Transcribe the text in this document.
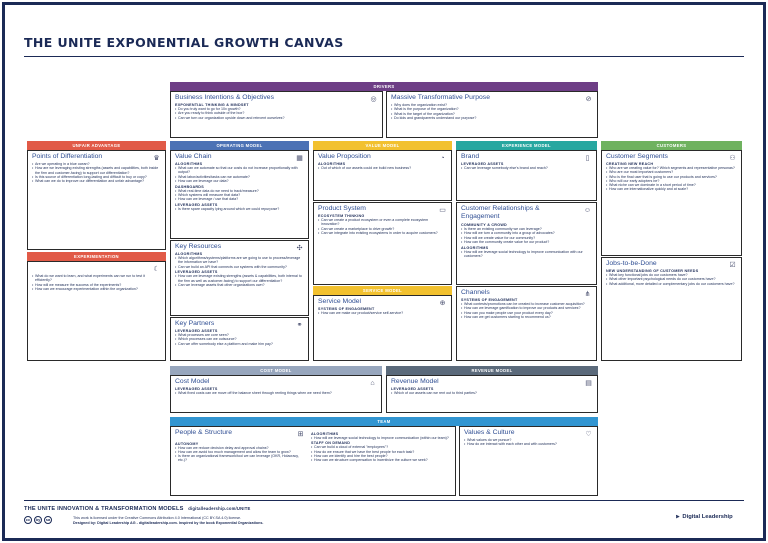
THE UNITE EXPONENTIAL GROWTH CANVAS
DRIVERS
UNFAIR ADVANTAGE	OPERATING MODEL	VALUE MODEL	EXPERIENCE MODEL	CUSTOMERS
EXPERIMENTATION
SERVICE MODEL
COST MODEL	REVENUE MODEL
TEAM
Business Intentions & Objectives	◎
EXPONENTIAL THINKING & MINDSET
• Do you truly want to go for 10x growth?
• Are you ready to think outside of the box?
• Can we turn our organization upside down and reinvent ourselves?
Massive Transformative Purpose	⊘
• Why does the organization exist?
• What is the purpose of the organization?
• What is the target of the organization?
• Do kids and grandparents understand our purpose?
Points of Differentiation	♛
• Are we operating in a blue ocean?
• How are we leveraging existing strengths (assets and capabilities, both inside the firm and customer-facing) to support our differentiation?
• Is this source of differentiation long-lasting and difficult to buy or copy?
• What can we do to improve our differentiation and unfair advantage?
☾
• What do we want to learn, and what experiments can we run to test it efficiently?
• How will we measure the success of the experiments?
• How can we encourage experimentation within the organization?
Value Chain	▦
ALGORITHMS
• What can we automate so that our costs do not increase proportionally with output?
• What labor/activities/tasks can we automate?
• How can we leverage our data?
DASHBOARDS
• What real-time data do we need to track/measure?
• Which systems will measure that data?
• How can we leverage / use that data?
LEVERAGED ASSETS
• Is there spare capacity lying around which we could repurpose?
Key Resources	✣
ALGORITHMS
• Which algorithms/systems/platforms are we going to use to process/leverage the information we have?
• Can we build an API that connects our systems with the community?
LEVERAGED ASSETS
• How can we leverage existing strengths (assets & capabilities, both internal to the firm as well as customer-facing) to support our differentiation?
• Can we leverage assets that other organizations own?
Key Partners	⚭
LEVERAGED ASSETS
• What processes are core seen?
• Which processes can we outsource?
• Can we offer somebody else a platform and make him pay?
Value Proposition	◔
ALGORITHMS
• Out of which of our assets could we build new business?
Product System	▭
ECOSYSTEM THINKING
• Can we create a product ecosystem or even a complete ecosystem innovation?
• Can we create a marketplace to drive growth?
• Can we integrate into existing ecosystems in order to acquire customers?
Service Model	⊕
SYSTEMS OF ENGAGEMENT
• How can we make our product/service self-service?
Brand	▯
LEVERAGED ASSETS
• Can we leverage somebody else's brand and reach?
Customer Relationships & Engagement
☺
COMMUNITY & CROWD
• Is there an existing community we can leverage?
• How will we turn a community into a group of advocates?
• How will we create value for our community?
• How can the community create value for our product?
ALGORITHMS
• How will we leverage social technology to improve communication with our customers?
Channels	⋔
SYSTEMS OF ENGAGEMENT
• What contests/promotions can be created to increase customer acquisition?
• How can we leverage gamification to improve our products and services?
• How can you make people use your product every day?
• How can we get customers starting to recommend us?
Customer Segments	⚇
CREATING NEW REACH
• Who are we creating value for? Which segments and representative personas?
• Who are our most important customers?
• Who is the final user that is going to use our products and services?
• Who will our early adopters be?
• What niche can we dominate in a short period of time?
• How can we internationalize quickly and at scale?
Jobs-to-be-Done	☑
NEW UNDERSTANDING OF CUSTOMER NEEDS
• What key functional jobs do our customers have?
• What other important psychological needs do our customers have?
• What additional, more detailed or complementary jobs do our customers have?
Cost Model	⌂
LEVERAGED ASSETS
• What fixed costs can we move off the balance sheet through renting things when we need them?
Revenue Model	▤
LEVERAGED ASSETS
• Which of our assets can we rent out to third parties?
People & Structure
AUTONOMY
• How can we reduce decision delay and approval chains?
• How can we avoid too much management and allow the team to grow?
• Is there an organizational framework/tool we can leverage (OKR, Holacracy, etc.)?
ALGORITHMS
• How will we leverage social technology to improve communication (within our team)?
STAFF ON DEMAND
• Can we build a cloud of external "employees"?
• How do we ensure that we have the best people for each task?
• How can we identify and hire the best people?
• How can we structure compensation to incentivize the culture we seek?
⊞	Values & Culture	♡
• What values do we pursue?
• How do we interact with each other and with customers?
THE UNITE INNOVATION & TRANSFORMATION MODELS digitalleadership.com/UNITE
cc	by	sa	This work is licensed under the Creative Commons Attribution 4.0 International (CC BY-SA 4.0) license.
Designed by: Digital Leadership AG - digitalleadership.com. Inspired by the book Exponential Organizations.
⫸ Digital Leadership
